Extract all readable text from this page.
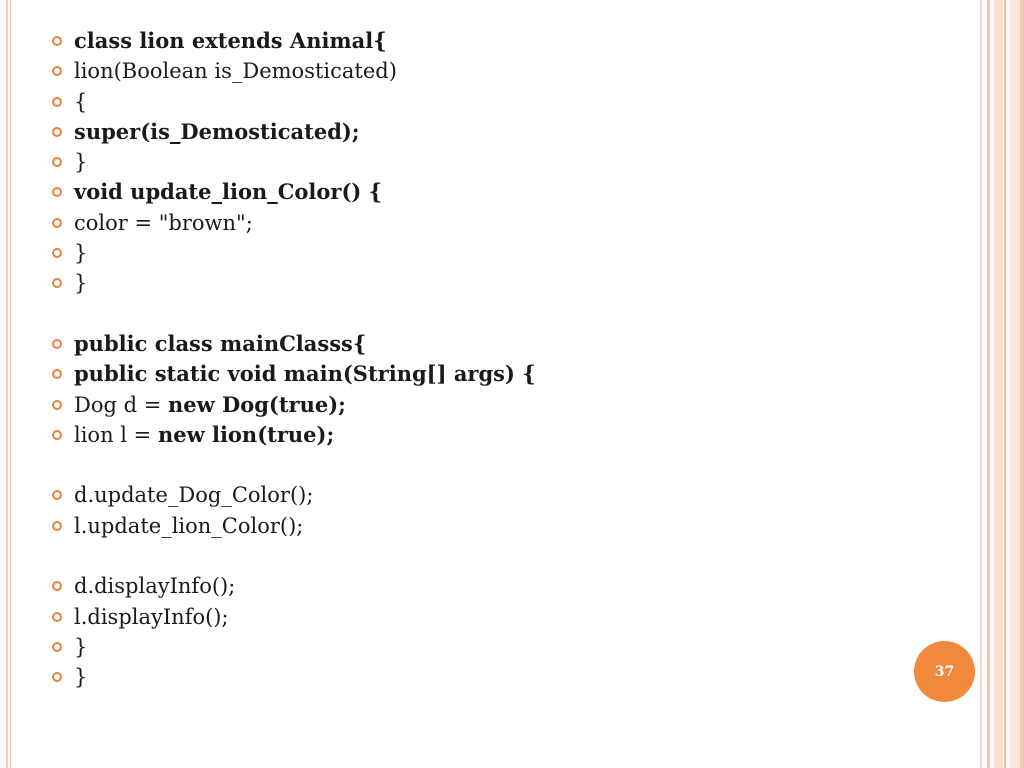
class lion extends Animal{
lion(Boolean is_Demosticated)
{
super(is_Demosticated);
}
void update_lion_Color() {
color = "brown";
}
}
public class mainClasss{
public static void main(String[] args) {
Dog d = new Dog(true);
lion l = new lion(true);
d.update_Dog_Color();
l.update_lion_Color();
d.displayInfo();
l.displayInfo();
}
}	37
